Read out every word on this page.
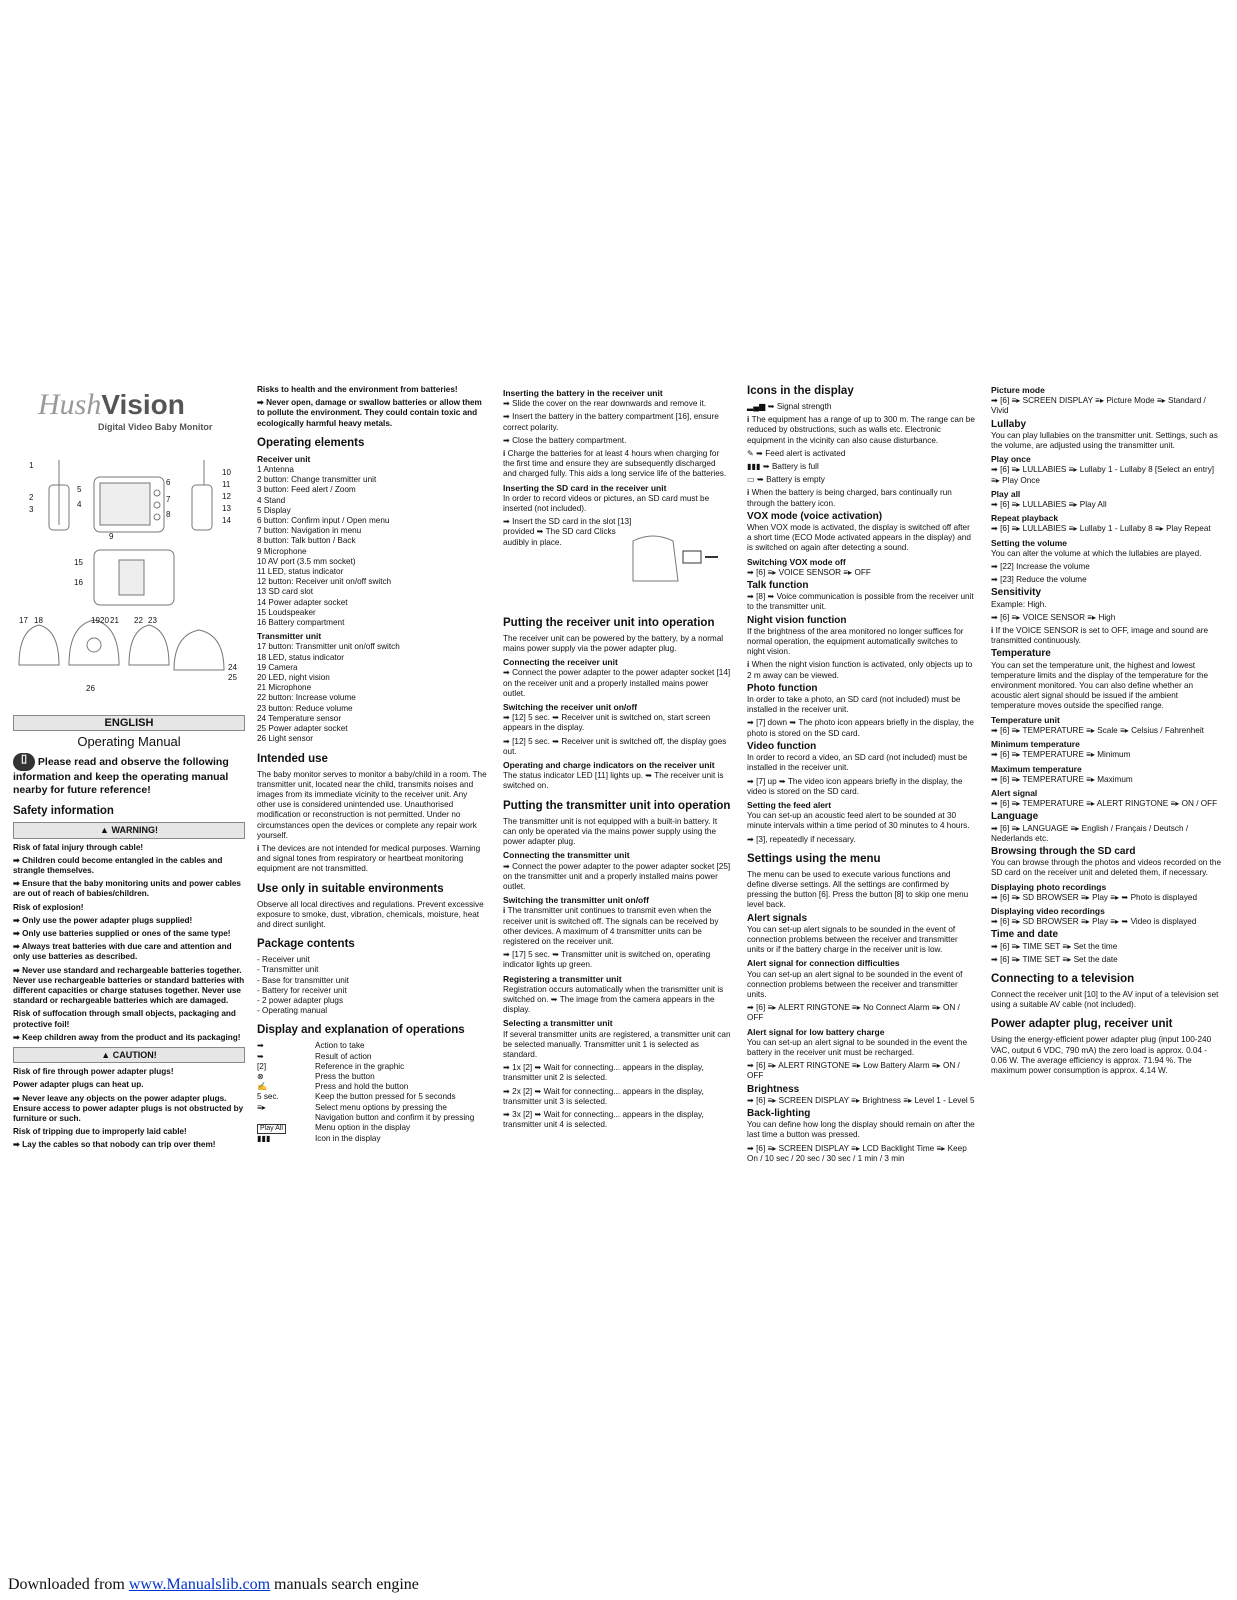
HushVision
Digital Video Baby Monitor
1
2
3
4
5
6
7
8
9
10
11
12
13
14
15
16
17 18	19 20 21 22 23
24
25
26
ENGLISH
Operating Manual

▯ Please read and observe the following information and keep the operating manual nearby for future reference!

Safety information
▲ WARNING!

Risk of fatal injury through cable!

➡ Children could become entangled in the cables and strangle themselves.

➡ Ensure that the baby monitoring units and power cables are out of reach of babies/children.

Risk of explosion!

➡ Only use the power adapter plugs supplied!

➡ Only use batteries supplied or ones of the same type!

➡ Always treat batteries with due care and attention and only use batteries as described.

➡ Never use standard and rechargeable batteries together. Never use rechargeable batteries or standard batteries with different capacities or charge statuses together. Never use standard or rechargeable batteries which are damaged.

Risk of suffocation through small objects, packaging and protective foil!

➡ Keep children away from the product and its packaging!

▲ CAUTION!

Risk of fire through power adapter plugs!

Power adapter plugs can heat up.

➡ Never leave any objects on the power adapter plugs. Ensure access to power adapter plugs is not obstructed by furniture or such.

Risk of tripping due to improperly laid cable!

➡ Lay the cables so that nobody can trip over them!

Risks to health and the environment from batteries!

➡ Never open, damage or swallow batteries or allow them to pollute the environment. They could contain toxic and ecologically harmful heavy metals.

Operating elements
Receiver unit
1 Antenna
2 button: Change transmitter unit
3 button: Feed alert / Zoom
4 Stand
5 Display
6 button: Confirm input / Open menu
7 button: Navigation in menu
8 button: Talk button / Back
9 Microphone
10 AV port (3.5 mm socket)
11 LED, status indicator
12 button: Receiver unit on/off switch
13 SD card slot
14 Power adapter socket
15 Loudspeaker
16 Battery compartment
Transmitter unit
17 button: Transmitter unit on/off switch
18 LED, status indicator
19 Camera
20 LED, night vision
21 Microphone
22 button: Increase volume
23 button: Reduce volume
24 Temperature sensor
25 Power adapter socket
26 Light sensor
Intended use

The baby monitor serves to monitor a baby/child in a room. The transmitter unit, located near the child, transmits noises and images from its immediate vicinity to the receiver unit. Any other use is considered unintended use. Unauthorised modification or reconstruction is not permitted. Under no circumstances open the devices or complete any repair work yourself.

i The devices are not intended for medical purposes. Warning and signal tones from respiratory or heartbeat monitoring equipment are not transmitted.

Use only in suitable environments

Observe all local directives and regulations. Prevent excessive exposure to smoke, dust, vibration, chemicals, moisture, heat and direct sunlight.

Package contents
- Receiver unit
- Transmitter unit
- Base for transmitter unit
- Battery for receiver unit
- 2 power adapter plugs
- Operating manual
Display and explanation of operations
➡	Action to take
➥	Result of action
[2]	Reference in the graphic
⊗	Press the button
✍	Press and hold the button
5 sec.	Keep the button pressed for 5 seconds
≡▸	Select menu options by pressing the Navigation button and confirm it by pressing
Play All	Menu option in the display
▮▮▮	Icon in the display
Inserting the battery in the receiver unit

➡ Slide the cover on the rear downwards and remove it.

➡ Insert the battery in the battery compartment [16], ensure correct polarity.

➡ Close the battery compartment.

i Charge the batteries for at least 4 hours when charging for the first time and ensure they are subsequently discharged and charged fully. This aids a long service life of the batteries.

Inserting the SD card in the receiver unit

In order to record videos or pictures, an SD card must be inserted (not included).

➡ Insert the SD card in the slot [13] provided ➥ The SD card Clicks audibly in place.

Putting the receiver unit into operation

The receiver unit can be powered by the battery, by a normal mains power supply via the power adapter plug.

Connecting the receiver unit

➡ Connect the power adapter to the power adapter socket [14] on the receiver unit and a properly installed mains power outlet.

Switching the receiver unit on/off

➡ [12] 5 sec. ➥ Receiver unit is switched on, start screen appears in the display.

➡ [12] 5 sec. ➥ Receiver unit is switched off, the display goes out.

Operating and charge indicators on the receiver unit

The status indicator LED [11] lights up. ➥ The receiver unit is switched on.

Putting the transmitter unit into operation

The transmitter unit is not equipped with a built-in battery. It can only be operated via the mains power supply using the power adapter plug.

Connecting the transmitter unit

➡ Connect the power adapter to the power adapter socket [25] on the transmitter unit and a properly installed mains power outlet.

Switching the transmitter unit on/off

i The transmitter unit continues to transmit even when the receiver unit is switched off. The signals can be received by other devices. A maximum of 4 transmitter units can be registered on the receiver unit.

➡ [17] 5 sec. ➥ Transmitter unit is switched on, operating indicator lights up green.

Registering a transmitter unit

Registration occurs automatically when the transmitter unit is switched on. ➥ The image from the camera appears in the display.

Selecting a transmitter unit

If several transmitter units are registered, a transmitter unit can be selected manually. Transmitter unit 1 is selected as standard.

➡ 1x [2] ➥ Wait for connecting... appears in the display, transmitter unit 2 is selected.

➡ 2x [2] ➥ Wait for connecting... appears in the display, transmitter unit 3 is selected.

➡ 3x [2] ➥ Wait for connecting... appears in the display, transmitter unit 4 is selected.

Icons in the display

▂▄▆ ➥ Signal strength

i The equipment has a range of up to 300 m. The range can be reduced by obstructions, such as walls etc. Electronic equipment in the vicinity can also cause disturbance.

✎ ➥ Feed alert is activated

▮▮▮ ➥ Battery is full

▭ ➥ Battery is empty

i When the battery is being charged, bars continually run through the battery icon.

VOX mode (voice activation)

When VOX mode is activated, the display is switched off after a short time (ECO Mode activated appears in the display) and is switched on again after detecting a sound.

Switching VOX mode off

➡ [6] ≡▸ VOICE SENSOR ≡▸ OFF

Talk function

➡ [8] ➥ Voice communication is possible from the receiver unit to the transmitter unit.

Night vision function

If the brightness of the area monitored no longer suffices for normal operation, the equipment automatically switches to night vision.

i When the night vision function is activated, only objects up to 2 m away can be viewed.

Photo function

In order to take a photo, an SD card (not included) must be installed in the receiver unit.

➡ [7] down ➥ The photo icon appears briefly in the display, the photo is stored on the SD card.

Video function

In order to record a video, an SD card (not included) must be installed in the receiver unit.

➡ [7] up ➥ The video icon appears briefly in the display, the video is stored on the SD card.

Setting the feed alert

You can set-up an acoustic feed alert to be sounded at 30 minute intervals within a time period of 30 minutes to 4 hours.

➡ [3], repeatedly if necessary.

Settings using the menu

The menu can be used to execute various functions and define diverse settings. All the settings are confirmed by pressing the button [6]. Press the button [8] to skip one menu level back.

Alert signals

You can set-up alert signals to be sounded in the event of connection problems between the receiver and transmitter units or if the battery charge in the receiver unit is low.

Alert signal for connection difficulties

You can set-up an alert signal to be sounded in the event of connection problems between the receiver and transmitter units.

➡ [6] ≡▸ ALERT RINGTONE ≡▸ No Connect Alarm ≡▸ ON / OFF

Alert signal for low battery charge

You can set-up an alert signal to be sounded in the event the battery in the receiver unit must be recharged.

➡ [6] ≡▸ ALERT RINGTONE ≡▸ Low Battery Alarm ≡▸ ON / OFF

Brightness

➡ [6] ≡▸ SCREEN DISPLAY ≡▸ Brightness ≡▸ Level 1 - Level 5

Back-lighting

You can define how long the display should remain on after the last time a button was pressed.

➡ [6] ≡▸ SCREEN DISPLAY ≡▸ LCD Backlight Time ≡▸ Keep On / 10 sec / 20 sec / 30 sec / 1 min / 3 min

Picture mode

➡ [6] ≡▸ SCREEN DISPLAY ≡▸ Picture Mode ≡▸ Standard / Vivid

Lullaby

You can play lullabies on the transmitter unit. Settings, such as the volume, are adjusted using the transmitter unit.

Play once

➡ [6] ≡▸ LULLABIES ≡▸ Lullaby 1 - Lullaby 8 [Select an entry] ≡▸ Play Once

Play all

➡ [6] ≡▸ LULLABIES ≡▸ Play All

Repeat playback

➡ [6] ≡▸ LULLABIES ≡▸ Lullaby 1 - Lullaby 8 ≡▸ Play Repeat

Setting the volume

You can alter the volume at which the lullabies are played.

➡ [22] Increase the volume

➡ [23] Reduce the volume

Sensitivity

Example: High.

➡ [6] ≡▸ VOICE SENSOR ≡▸ High

i If the VOICE SENSOR is set to OFF, image and sound are transmitted continuously.

Temperature

You can set the temperature unit, the highest and lowest temperature limits and the display of the temperature for the environment monitored. You can also define whether an acoustic alert signal should be issued if the ambient temperature moves outside the specified range.

Temperature unit

➡ [6] ≡▸ TEMPERATURE ≡▸ Scale ≡▸ Celsius / Fahrenheit

Minimum temperature

➡ [6] ≡▸ TEMPERATURE ≡▸ Minimum

Maximum temperature

➡ [6] ≡▸ TEMPERATURE ≡▸ Maximum

Alert signal

➡ [6] ≡▸ TEMPERATURE ≡▸ ALERT RINGTONE ≡▸ ON / OFF

Language

➡ [6] ≡▸ LANGUAGE ≡▸ English / Français / Deutsch / Nederlands etc.

Browsing through the SD card

You can browse through the photos and videos recorded on the SD card on the receiver unit and deleted them, if necessary.

Displaying photo recordings

➡ [6] ≡▸ SD BROWSER ≡▸ Play ≡▸ ➥ Photo is displayed

Displaying video recordings

➡ [6] ≡▸ SD BROWSER ≡▸ Play ≡▸ ➥ Video is displayed

Time and date

➡ [6] ≡▸ TIME SET ≡▸ Set the time

➡ [6] ≡▸ TIME SET ≡▸ Set the date

Connecting to a television

Connect the receiver unit [10] to the AV input of a television set using a suitable AV cable (not included).

Power adapter plug, receiver unit

Using the energy-efficient power adapter plug (input 100-240 VAC, output 6 VDC, 790 mA) the zero load is approx. 0.04 - 0.06 W. The average efficiency is approx. 71.94 %. The maximum power consumption is approx. 4.14 W.

Downloaded from www.Manualslib.com manuals search engine
